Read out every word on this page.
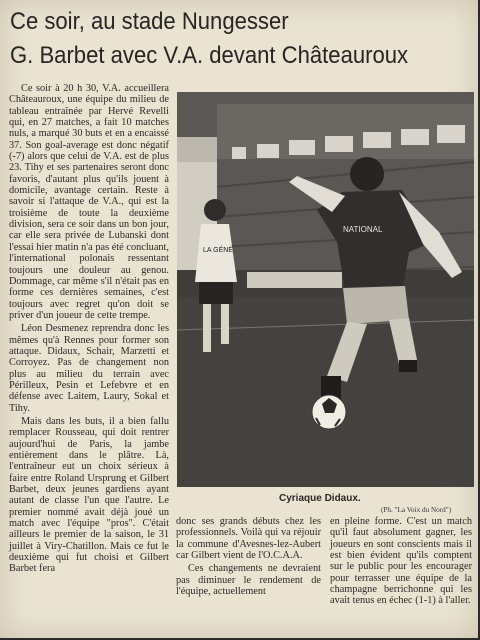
Ce soir, au stade Nungesser
G. Barbet avec V.A. devant Châteauroux

Ce soir à 20 h 30, V.A. accueillera Châteauroux, une équipe du milieu de tableau entraînée par Hervé Revelli qui, en 27 matches, a fait 10 matches nuls, a marqué 30 buts et en a encaissé 37. Son goal-average est donc négatif (-7) alors que celui de V.A. est de plus 23. Tihy et ses partenaires seront donc favoris, d'autant plus qu'ils jouent à domicile, avantage certain. Reste à savoir si l'attaque de V.A., qui est la troisième de toute la deuxième division, sera ce soir dans un bon jour, car elle sera privée de Lubanski dont l'essai hier matin n'a pas été concluant, l'international polonais ressentant toujours une douleur au genou. Dommage, car même s'il n'était pas en forme ces dernières semaines, c'est toujours avec regret qu'on doit se priver d'un joueur de cette trempe.

Léon Desmenez reprendra donc les mêmes qu'à Rennes pour former son attaque. Didaux, Schair, Marzetti et Corroyez. Pas de changement non plus au milieu du terrain avec Périlleux, Pesin et Lefebvre et en défense avec Laitem, Laury, Sokal et Tihy.

Mais dans les buts, il a bien fallu remplacer Rousseau, qui doit rentrer aujourd'hui de Paris, la jambe entièrement dans le plâtre. Là, l'entraîneur eut un choix sérieux à faire entre Roland Ursprung et Gilbert Barbet, deux jeunes gardiens ayant autant de classe l'un que l'autre. Le premier nommé avait déjà joué un match avec l'équipe "pros". C'était ailleurs le premier de la saison, le 31 juillet à Viry-Chatillon. Mais ce fut le deuxième qui fut choisi et Gilbert Barbet fera

LA GÉNÉ
NATIONAL
Cyriaque Didaux.
(Ph. "La Voix du Nord")

donc ses grands débuts chez les professionnels. Voilà qui va réjouir la commune d'Avesnes-lez-Aubert car Gilbert vient de l'O.C.A.A.

Ces changements ne devraient pas diminuer le rendement de l'équipe, actuellement

en pleine forme. C'est un match qu'il faut absolument gagner, les joueurs en sont conscients mais il est bien évident qu'ils comptent sur le public pour les encourager pour terrasser une équipe de la champagne berrichonne qui les avait tenus en échec (1-1) à l'aller.
